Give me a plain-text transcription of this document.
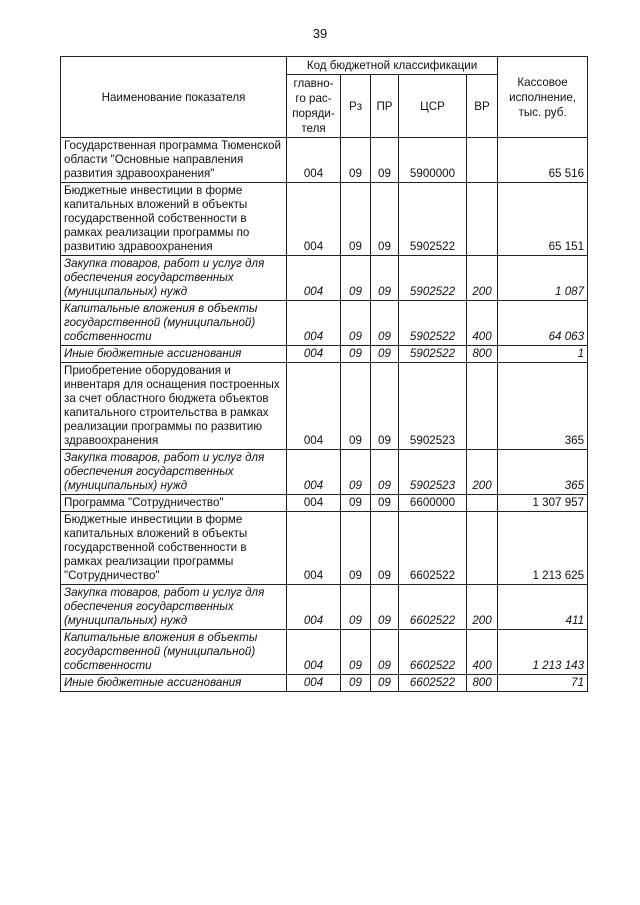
39
Наименование показателя	Код бюджетной классификации					Кассовое исполнение, тыс. руб.
	главно-го рас-поряди-теля	Рз	ПР	ЦСР	ВР	
Государственная программа Тюменской области "Основные направления развития здравоохранения"	004	09	09	5900000		65 516
Бюджетные инвестиции в форме капитальных вложений в объекты государственной собственности в рамках реализации программы по развитию здравоохранения	004	09	09	5902522		65 151
Закупка товаров, работ и услуг для обеспечения государственных (муниципальных) нужд	004	09	09	5902522	200	1 087
Капитальные вложения в объекты государственной (муниципальной) собственности	004	09	09	5902522	400	64 063
Иные бюджетные ассигнования	004	09	09	5902522	800	1
Приобретение оборудования и инвентаря для оснащения построенных за счет областного бюджета объектов капитального строительства в рамках реализации программы по развитию здравоохранения	004	09	09	5902523		365
Закупка товаров, работ и услуг для обеспечения государственных (муниципальных) нужд	004	09	09	5902523	200	365
Программа "Сотрудничество"	004	09	09	6600000		1 307 957
Бюджетные инвестиции в форме капитальных вложений в объекты государственной собственности в рамках реализации программы "Сотрудничество"	004	09	09	6602522		1 213 625
Закупка товаров, работ и услуг для обеспечения государственных (муниципальных) нужд	004	09	09	6602522	200	411
Капитальные вложения в объекты государственной (муниципальной) собственности	004	09	09	6602522	400	1 213 143
Иные бюджетные ассигнования	004	09	09	6602522	800	71
